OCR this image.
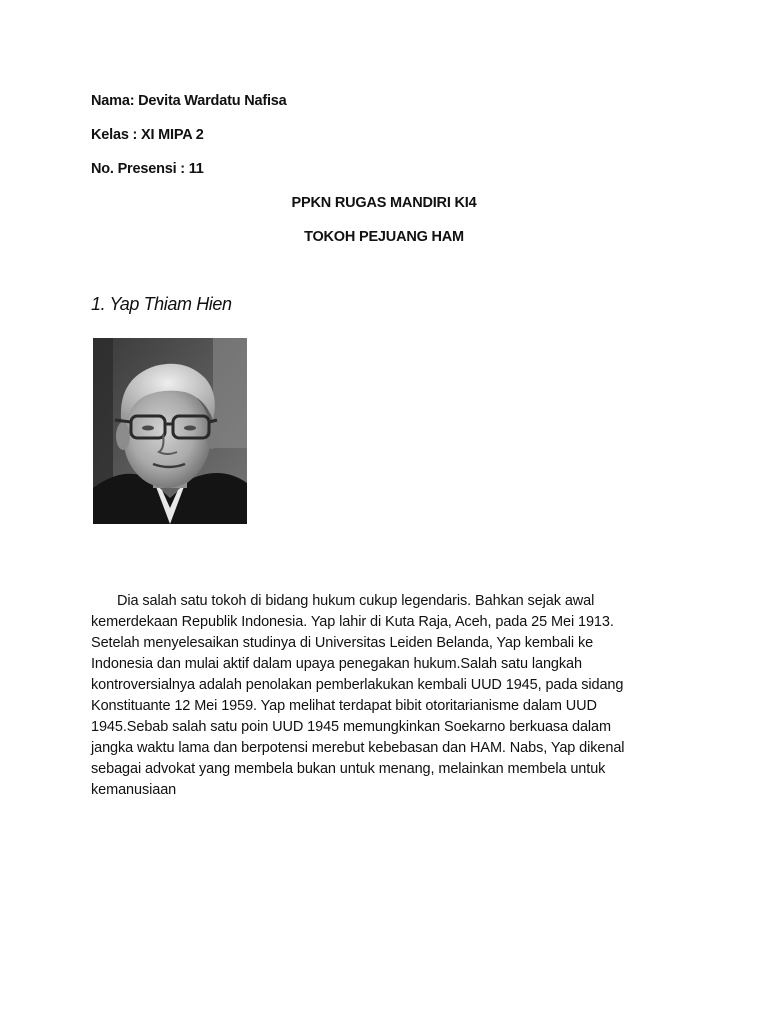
Nama: Devita Wardatu Nafisa
Kelas : XI MIPA 2
No. Presensi : 11
PPKN RUGAS MANDIRI KI4
TOKOH PEJUANG HAM
1. Yap Thiam Hien
Dia salah satu tokoh di bidang hukum cukup legendaris. Bahkan sejak awal
kemerdekaan Republik Indonesia. Yap lahir di Kuta Raja, Aceh, pada 25 Mei 1913.
Setelah menyelesaikan studinya di Universitas Leiden Belanda, Yap kembali ke
Indonesia dan mulai aktif dalam upaya penegakan hukum.Salah satu langkah
kontroversialnya adalah penolakan pemberlakukan kembali UUD 1945, pada sidang
Konstituante 12 Mei 1959. Yap melihat terdapat bibit otoritarianisme dalam UUD
1945.Sebab salah satu poin UUD 1945 memungkinkan Soekarno berkuasa dalam
jangka waktu lama dan berpotensi merebut kebebasan dan HAM. Nabs, Yap dikenal
sebagai advokat yang membela bukan untuk menang, melainkan membela untuk
kemanusiaan
